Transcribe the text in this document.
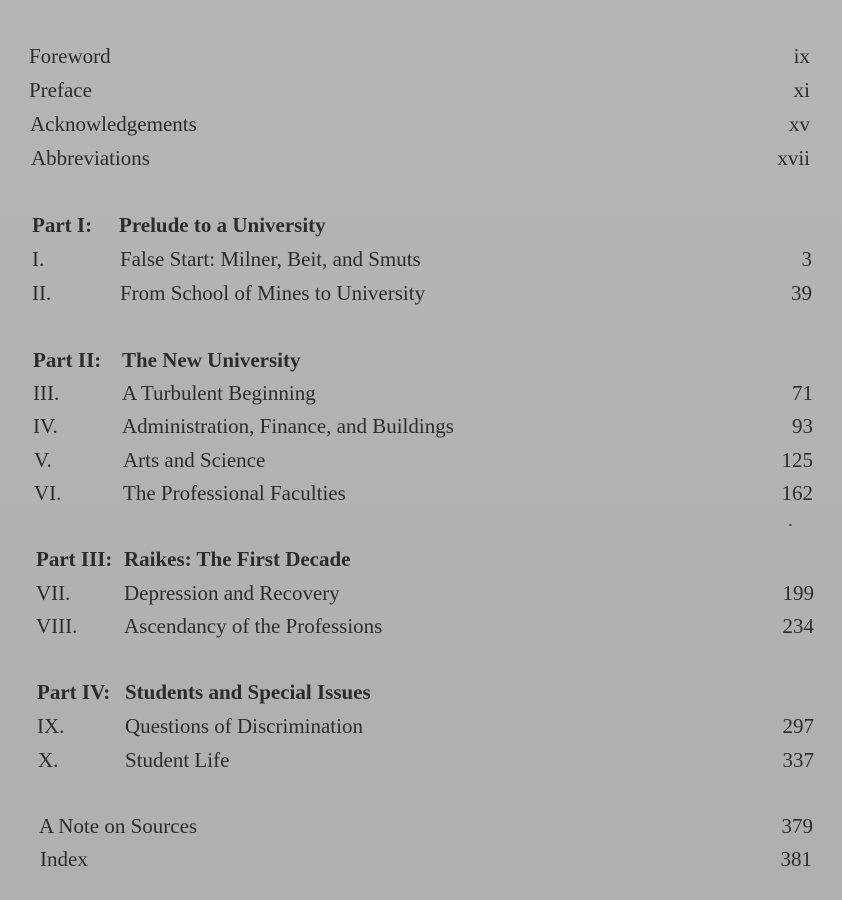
Foreword	ix
Preface	xi
Acknowledgements	xv
Abbreviations	xvii
Part I: Prelude to a University
I.	False Start: Milner, Beit, and Smuts	3
II.	From School of Mines to University	39
Part II: The New University
III.	A Turbulent Beginning	71
IV.	Administration, Finance, and Buildings	93
V.	Arts and Science	125
VI.	The Professional Faculties	162
Part III: Raikes: The First Decade
VII.	Depression and Recovery	199
VIII. Ascendancy of the Professions	234
Part IV: Students and Special Issues
IX.	Questions of Discrimination	297
X.	Student Life	337
A Note on Sources	379
Index	381
